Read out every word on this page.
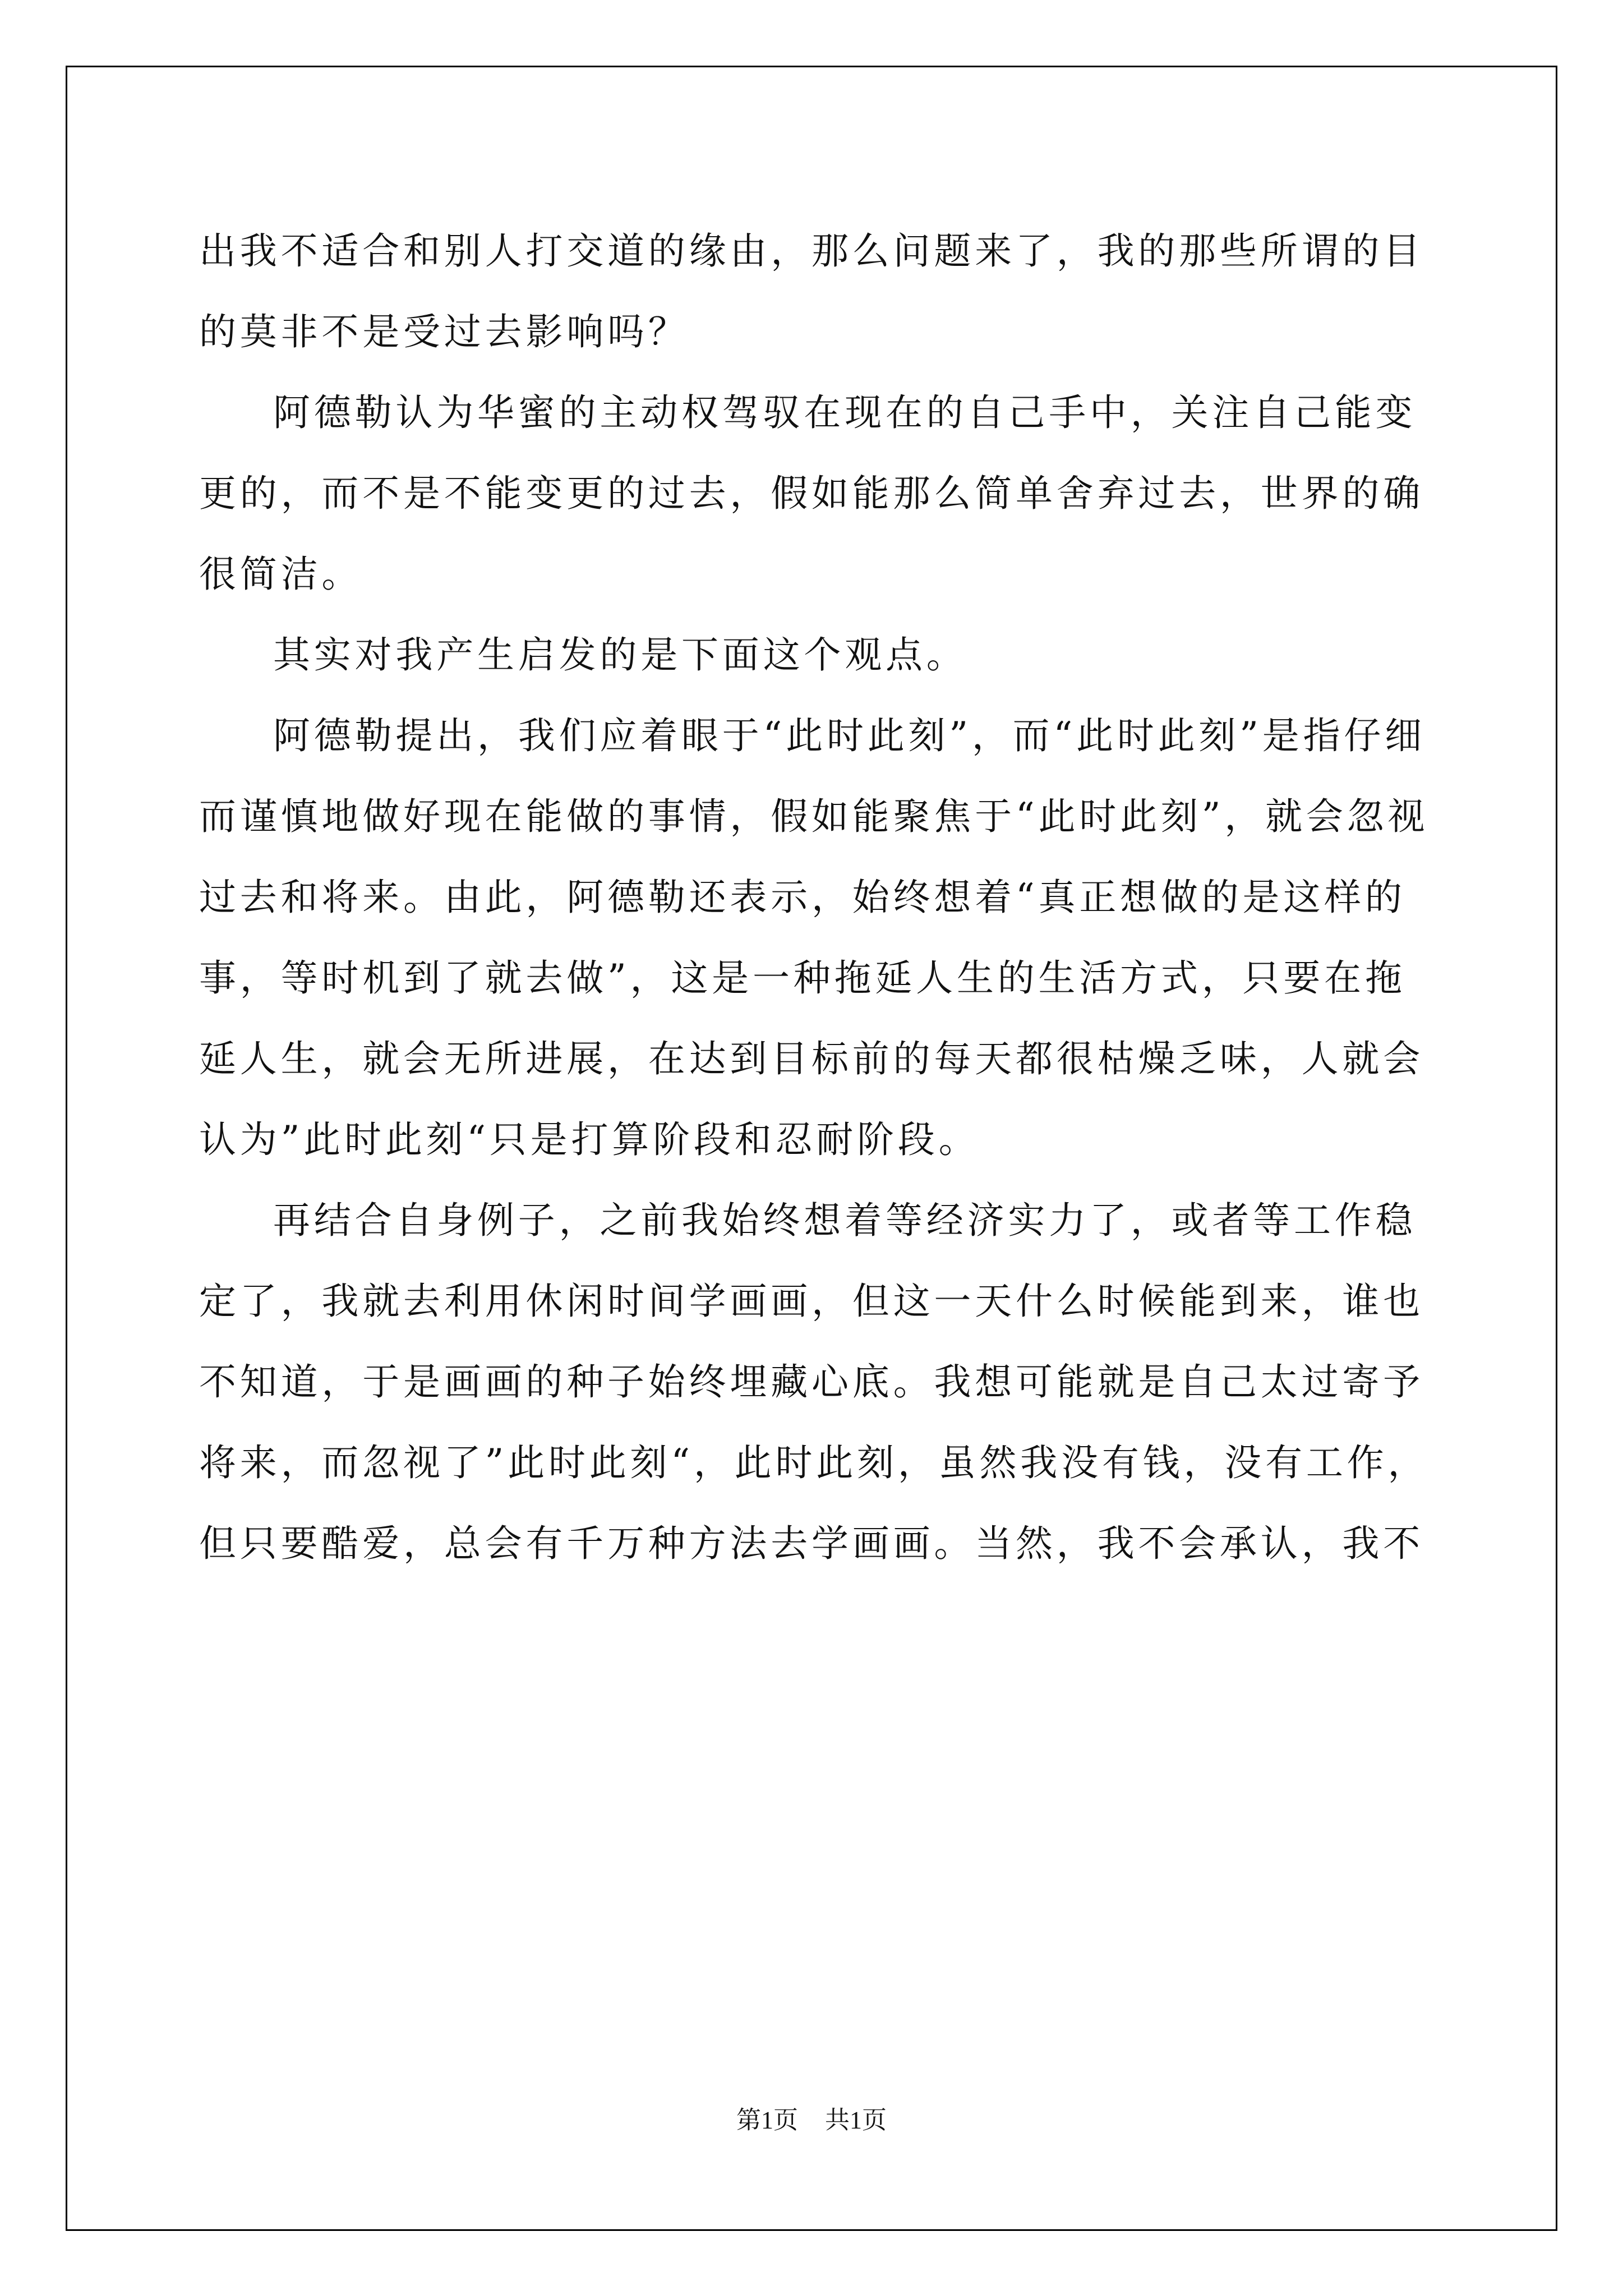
出我不适合和别人打交道的缘由，那么问题来了，我的那些所谓的目的莫非不是受过去影响吗？

阿德勒认为华蜜的主动权驾驭在现在的自己手中，关注自己能变更的，而不是不能变更的过去，假如能那么简单舍弃过去，世界的确很简洁。

其实对我产生启发的是下面这个观点。

阿德勒提出，我们应着眼于“此时此刻”，而“此时此刻”是指仔细而谨慎地做好现在能做的事情，假如能聚焦于“此时此刻”，就会忽视过去和将来。由此，阿德勒还表示，始终想着“真正想做的是这样的事，等时机到了就去做”，这是一种拖延人生的生活方式，只要在拖延人生，就会无所进展，在达到目标前的每天都很枯燥乏味，人就会认为”此时此刻“只是打算阶段和忍耐阶段。

再结合自身例子，之前我始终想着等经济实力了，或者等工作稳定了，我就去利用休闲时间学画画，但这一天什么时候能到来，谁也不知道，于是画画的种子始终埋藏心底。我想可能就是自己太过寄予将来，而忽视了”此时此刻“，此时此刻，虽然我没有钱，没有工作，但只要酷爱，总会有千万种方法去学画画。当然，我不会承认，我不

第1页 共1页
